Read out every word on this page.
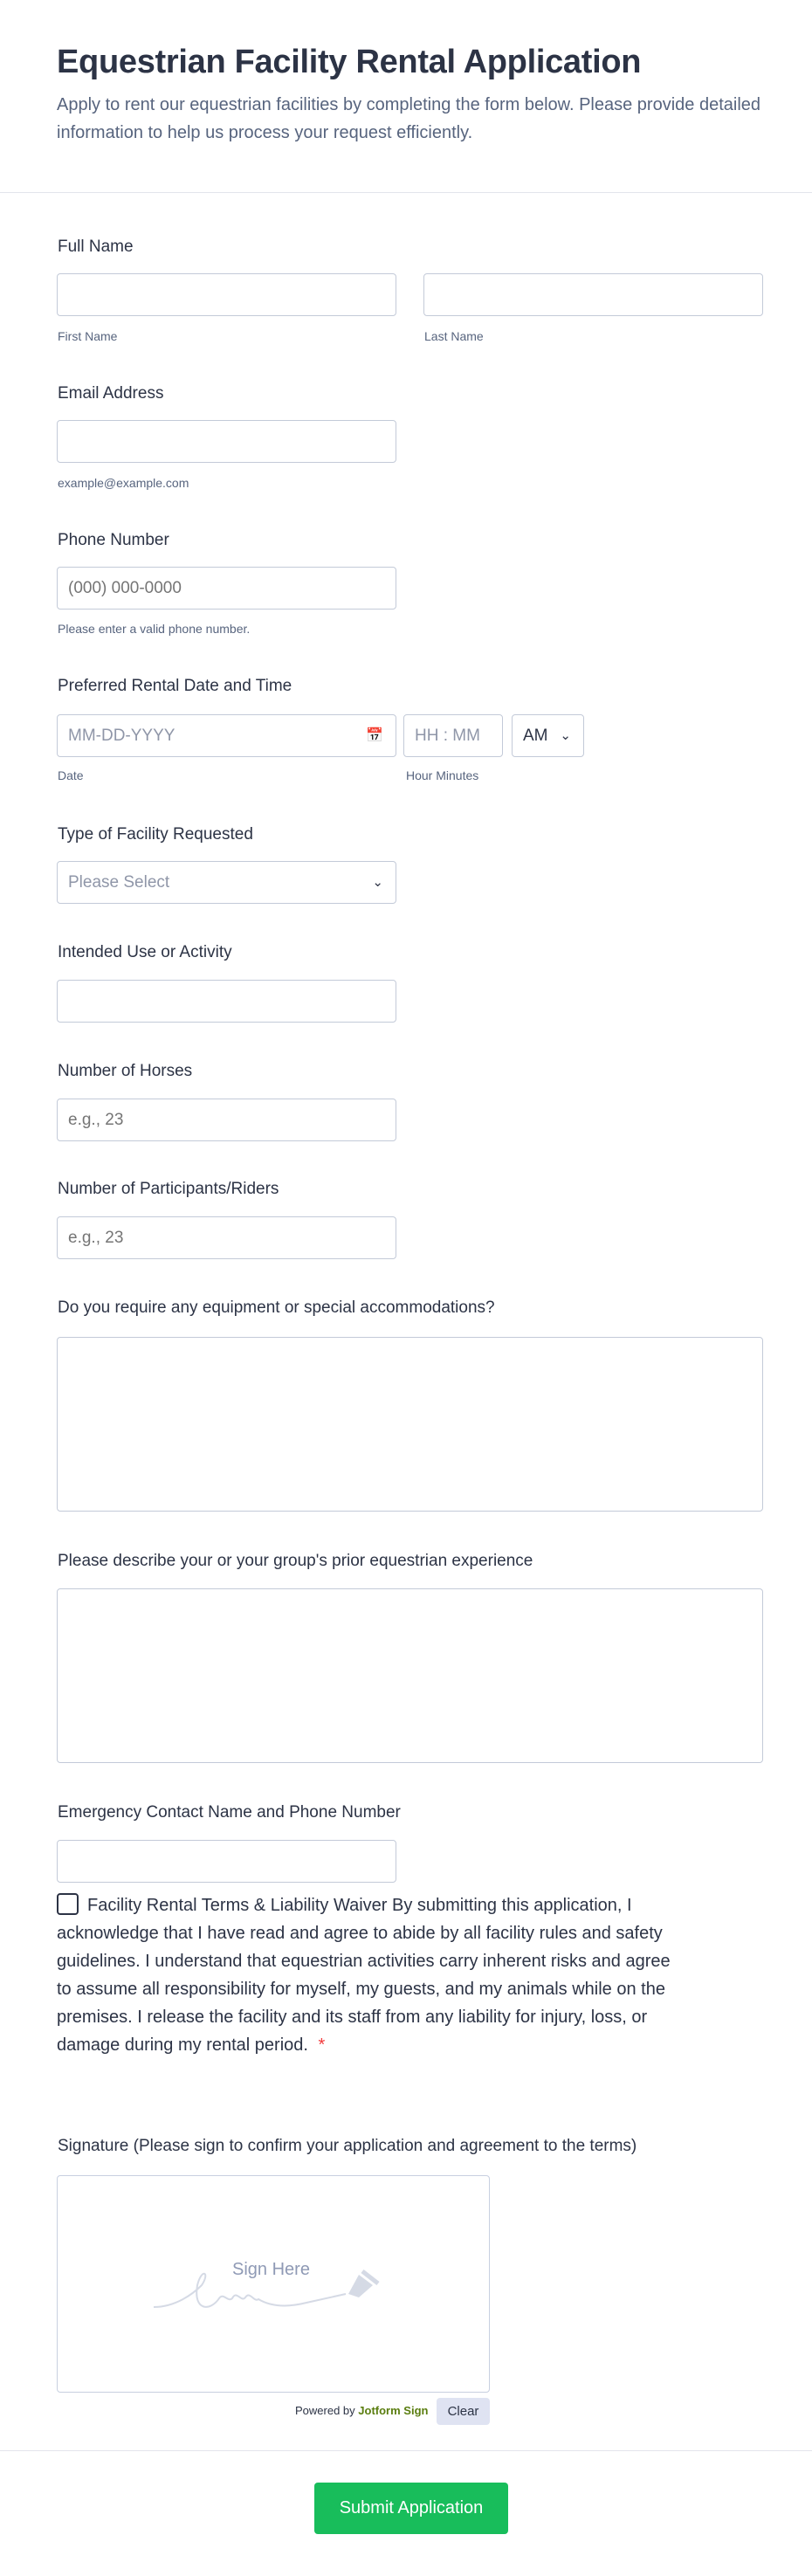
Equestrian Facility Rental Application
Apply to rent our equestrian facilities by completing the form below. Please provide detailed information to help us process your request efficiently.
Full Name
First Name	Last Name
Email Address
example@example.com
Phone Number
(000) 000-0000
Please enter a valid phone number.
Preferred Rental Date and Time
MM-DD-YYYY	📅 HH : MM	AM ⌄
Date	Hour Minutes
Type of Facility Requested
Please Select	⌄
Intended Use or Activity
Number of Horses
e.g., 23
Number of Participants/Riders
e.g., 23
Do you require any equipment or special accommodations?
Please describe your or your group's prior equestrian experience
Emergency Contact Name and Phone Number
Facility Rental Terms & Liability Waiver By submitting this application, I acknowledge that I have read and agree to abide by all facility rules and safety guidelines. I understand that equestrian activities carry inherent risks and agree to assume all responsibility for myself, my guests, and my animals while on the premises. I release the facility and its staff from any liability for injury, loss, or damage during my rental period. *
Signature (Please sign to confirm your application and agreement to the terms)
Sign Here
Powered by Jotform Sign	Clear
Submit Application
